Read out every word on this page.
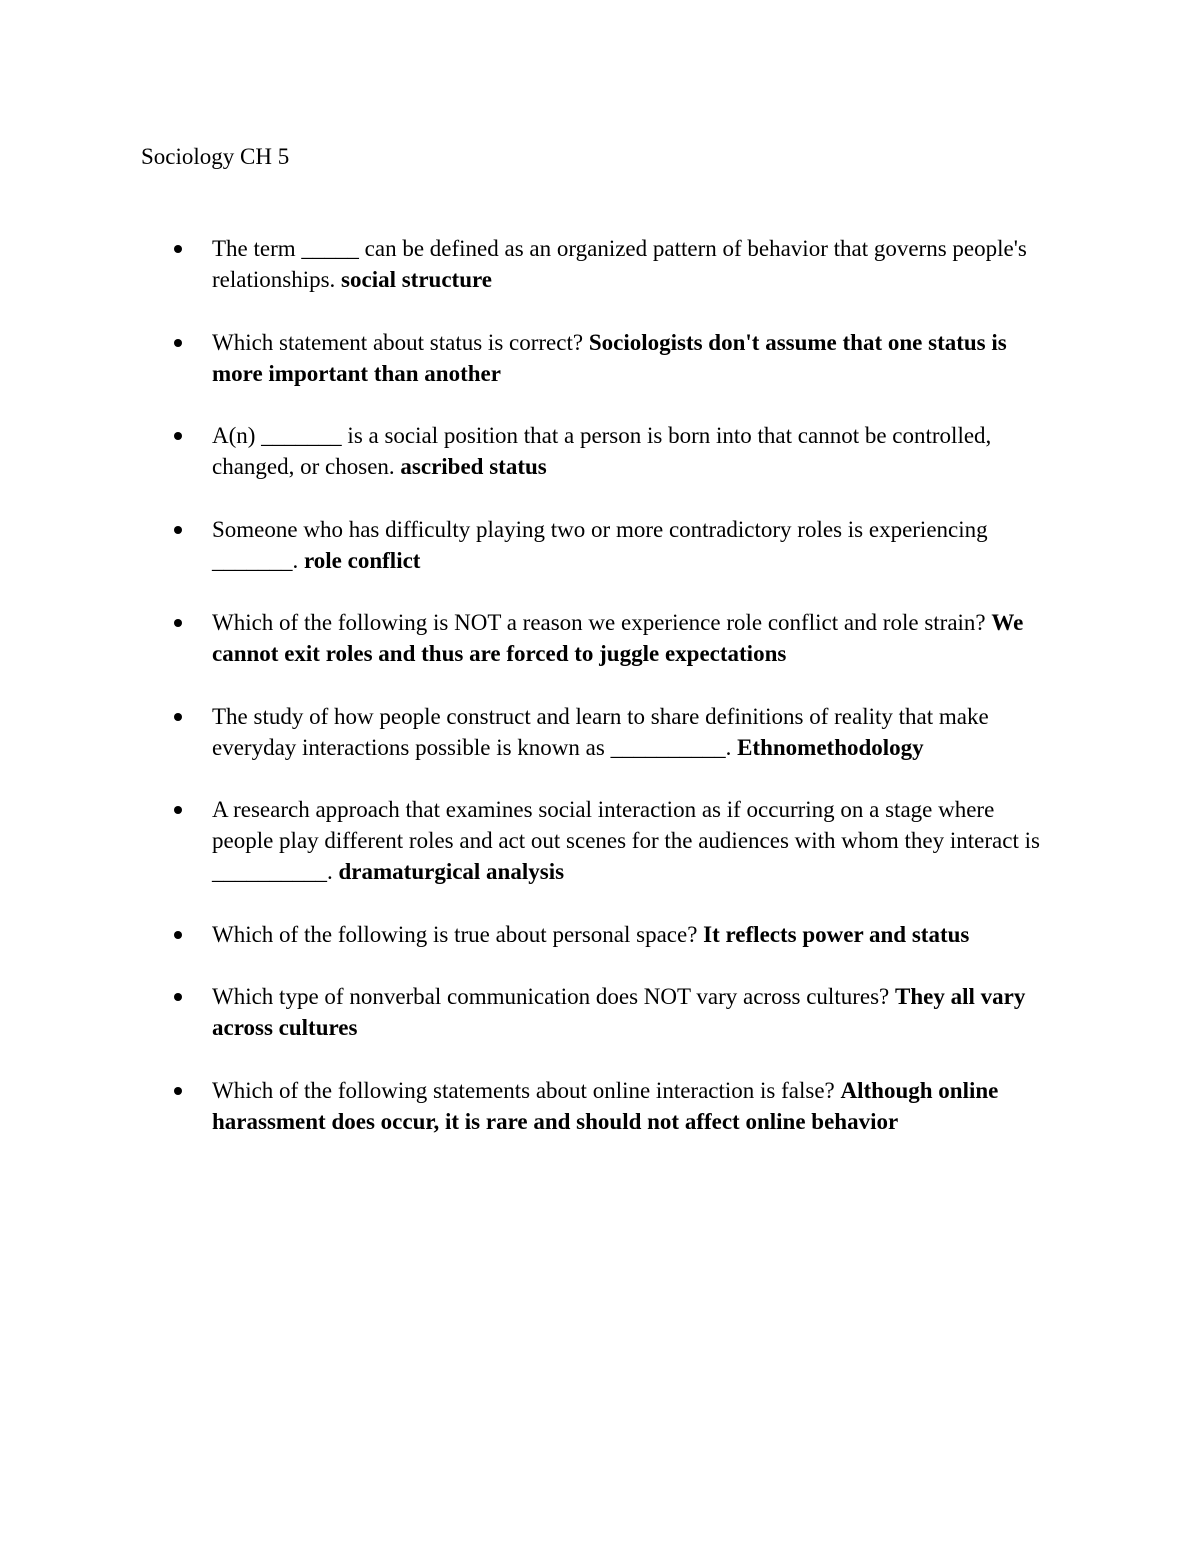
Sociology CH 5
The term _____ can be defined as an organized pattern of behavior that governs people's relationships. social structure
Which statement about status is correct? Sociologists don't assume that one status is more important than another
A(n) _______ is a social position that a person is born into that cannot be controlled, changed, or chosen. ascribed status
Someone who has difficulty playing two or more contradictory roles is experiencing _______. role conflict
Which of the following is NOT a reason we experience role conflict and role strain? We cannot exit roles and thus are forced to juggle expectations
The study of how people construct and learn to share definitions of reality that make everyday interactions possible is known as __________. Ethnomethodology
A research approach that examines social interaction as if occurring on a stage where people play different roles and act out scenes for the audiences with whom they interact is __________. dramaturgical analysis
Which of the following is true about personal space? It reflects power and status
Which type of nonverbal communication does NOT vary across cultures? They all vary across cultures
Which of the following statements about online interaction is false? Although online harassment does occur, it is rare and should not affect online behavior
